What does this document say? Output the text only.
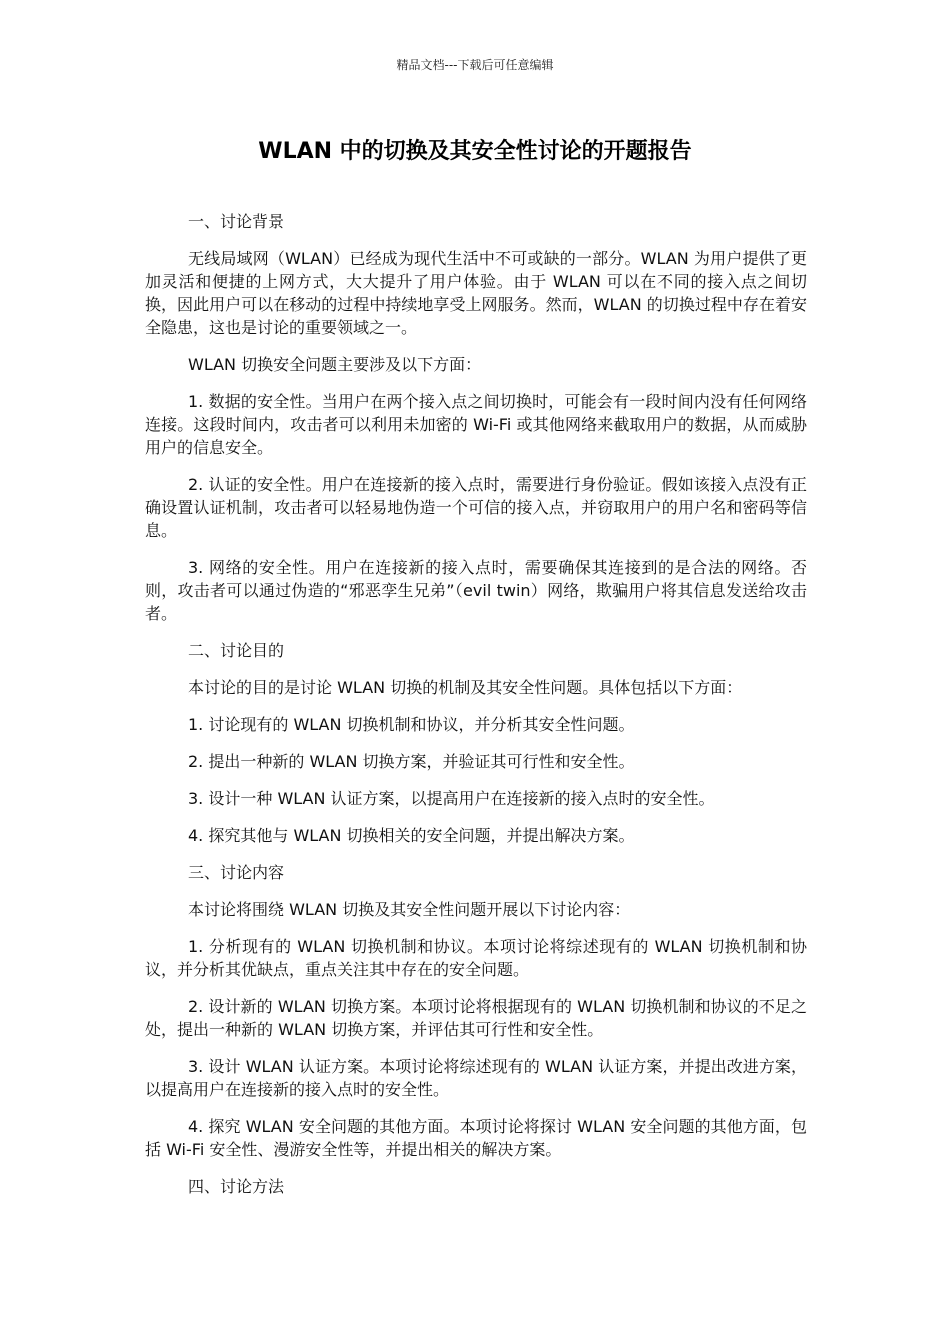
精品文档---下载后可任意编辑
WLAN 中的切换及其安全性讨论的开题报告

一、讨论背景

无线局域网（WLAN）已经成为现代生活中不可或缺的一部分。WLAN 为用户提供了更加灵活和便捷的上网方式，大大提升了用户体验。由于 WLAN 可以在不同的接入点之间切换，因此用户可以在移动的过程中持续地享受上网服务。然而，WLAN 的切换过程中存在着安全隐患，这也是讨论的重要领域之一。

WLAN 切换安全问题主要涉及以下方面：

1. 数据的安全性。当用户在两个接入点之间切换时，可能会有一段时间内没有任何网络连接。这段时间内，攻击者可以利用未加密的 Wi-Fi 或其他网络来截取用户的数据，从而威胁用户的信息安全。

2. 认证的安全性。用户在连接新的接入点时，需要进行身份验证。假如该接入点没有正确设置认证机制，攻击者可以轻易地伪造一个可信的接入点，并窃取用户的用户名和密码等信息。

3. 网络的安全性。用户在连接新的接入点时，需要确保其连接到的是合法的网络。否则，攻击者可以通过伪造的“邪恶孪生兄弟”（evil twin）网络，欺骗用户将其信息发送给攻击者。

二、讨论目的

本讨论的目的是讨论 WLAN 切换的机制及其安全性问题。具体包括以下方面：

1. 讨论现有的 WLAN 切换机制和协议，并分析其安全性问题。

2. 提出一种新的 WLAN 切换方案，并验证其可行性和安全性。

3. 设计一种 WLAN 认证方案，以提高用户在连接新的接入点时的安全性。

4. 探究其他与 WLAN 切换相关的安全问题，并提出解决方案。

三、讨论内容

本讨论将围绕 WLAN 切换及其安全性问题开展以下讨论内容：

1. 分析现有的 WLAN 切换机制和协议。本项讨论将综述现有的 WLAN 切换机制和协议，并分析其优缺点，重点关注其中存在的安全问题。

2. 设计新的 WLAN 切换方案。本项讨论将根据现有的 WLAN 切换机制和协议的不足之处，提出一种新的 WLAN 切换方案，并评估其可行性和安全性。

3. 设计 WLAN 认证方案。本项讨论将综述现有的 WLAN 认证方案，并提出改进方案，以提高用户在连接新的接入点时的安全性。

4. 探究 WLAN 安全问题的其他方面。本项讨论将探讨 WLAN 安全问题的其他方面，包括 Wi-Fi 安全性、漫游安全性等，并提出相关的解决方案。

四、讨论方法
